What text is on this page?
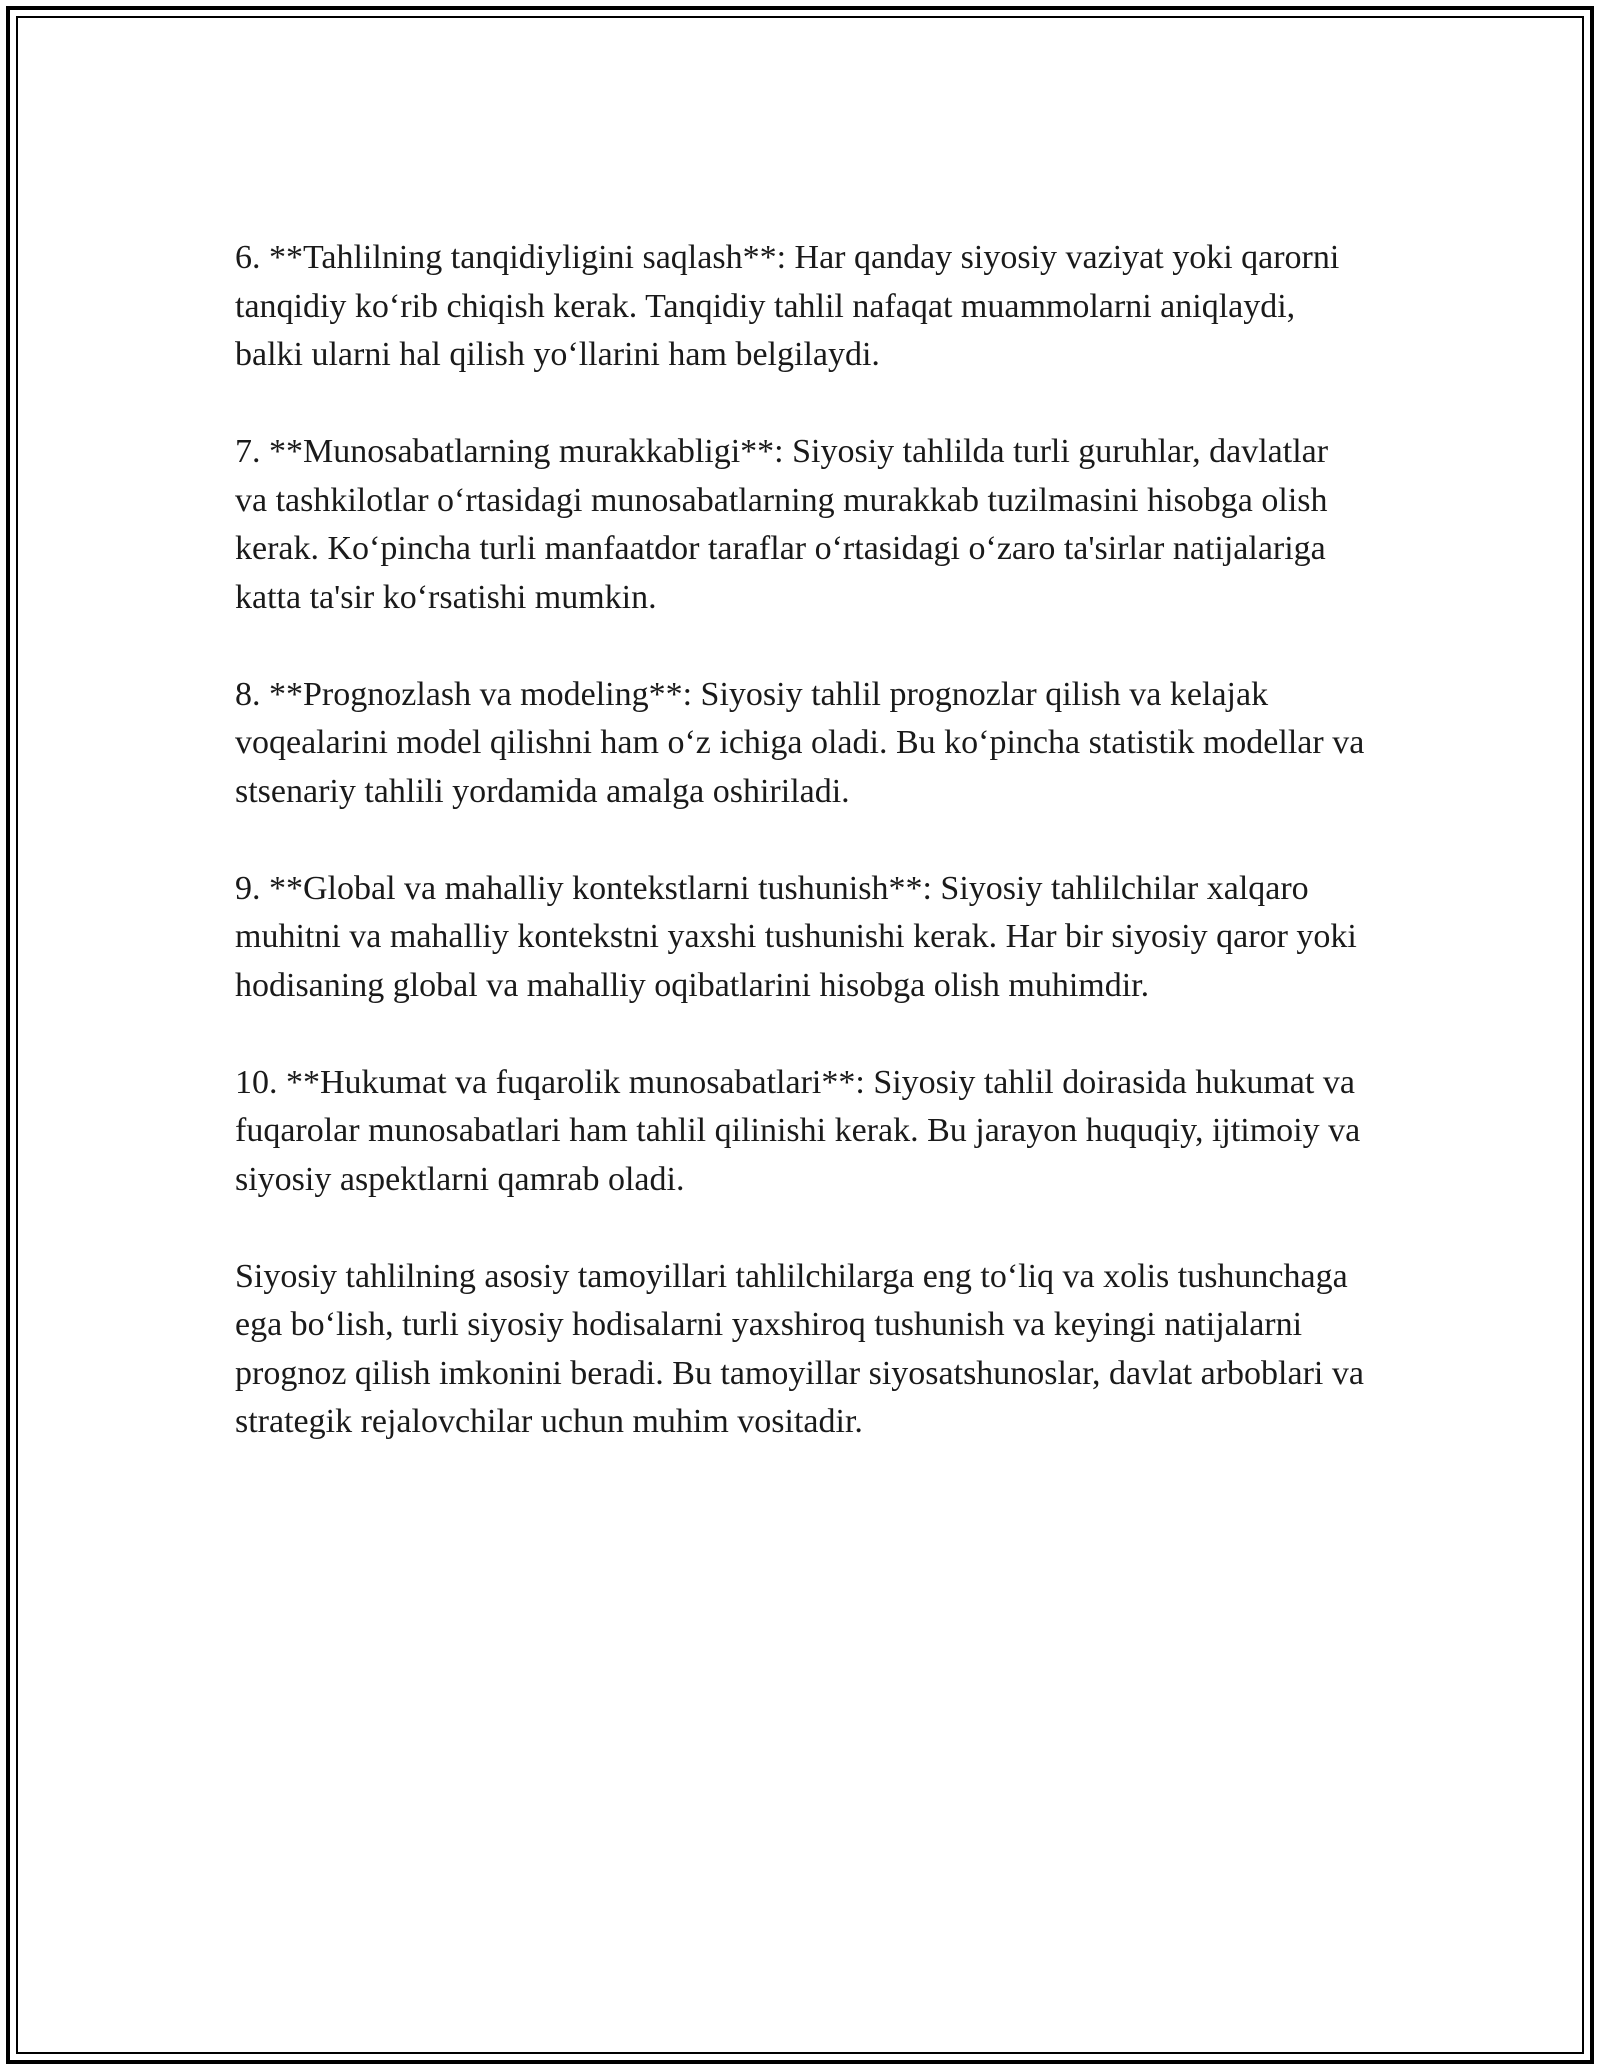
6. **Tahlilning tanqidiyligini saqlash**: Har qanday siyosiy vaziyat yoki qarorni tanqidiy koʻrib chiqish kerak. Tanqidiy tahlil nafaqat muammolarni aniqlaydi, balki ularni hal qilish yoʻllarini ham belgilaydi.

7. **Munosabatlarning murakkabligi**: Siyosiy tahlilda turli guruhlar, davlatlar va tashkilotlar oʻrtasidagi munosabatlarning murakkab tuzilmasini hisobga olish kerak. Koʻpincha turli manfaatdor taraflar oʻrtasidagi oʻzaro ta'sirlar natijalariga katta ta'sir koʻrsatishi mumkin.

8. **Prognozlash va modeling**: Siyosiy tahlil prognozlar qilish va kelajak voqealarini model qilishni ham oʻz ichiga oladi. Bu koʻpincha statistik modellar va stsenariy tahlili yordamida amalga oshiriladi.

9. **Global va mahalliy kontekstlarni tushunish**: Siyosiy tahlilchilar xalqaro muhitni va mahalliy kontekstni yaxshi tushunishi kerak. Har bir siyosiy qaror yoki hodisaning global va mahalliy oqibatlarini hisobga olish muhimdir.

10. **Hukumat va fuqarolik munosabatlari**: Siyosiy tahlil doirasida hukumat va fuqarolar munosabatlari ham tahlil qilinishi kerak. Bu jarayon huquqiy, ijtimoiy va siyosiy aspektlarni qamrab oladi.

Siyosiy tahlilning asosiy tamoyillari tahlilchilarga eng toʻliq va xolis tushunchaga ega boʻlish, turli siyosiy hodisalarni yaxshiroq tushunish va keyingi natijalarni prognoz qilish imkonini beradi. Bu tamoyillar siyosatshunoslar, davlat arboblari va strategik rejalovchilar uchun muhim vositadir.
